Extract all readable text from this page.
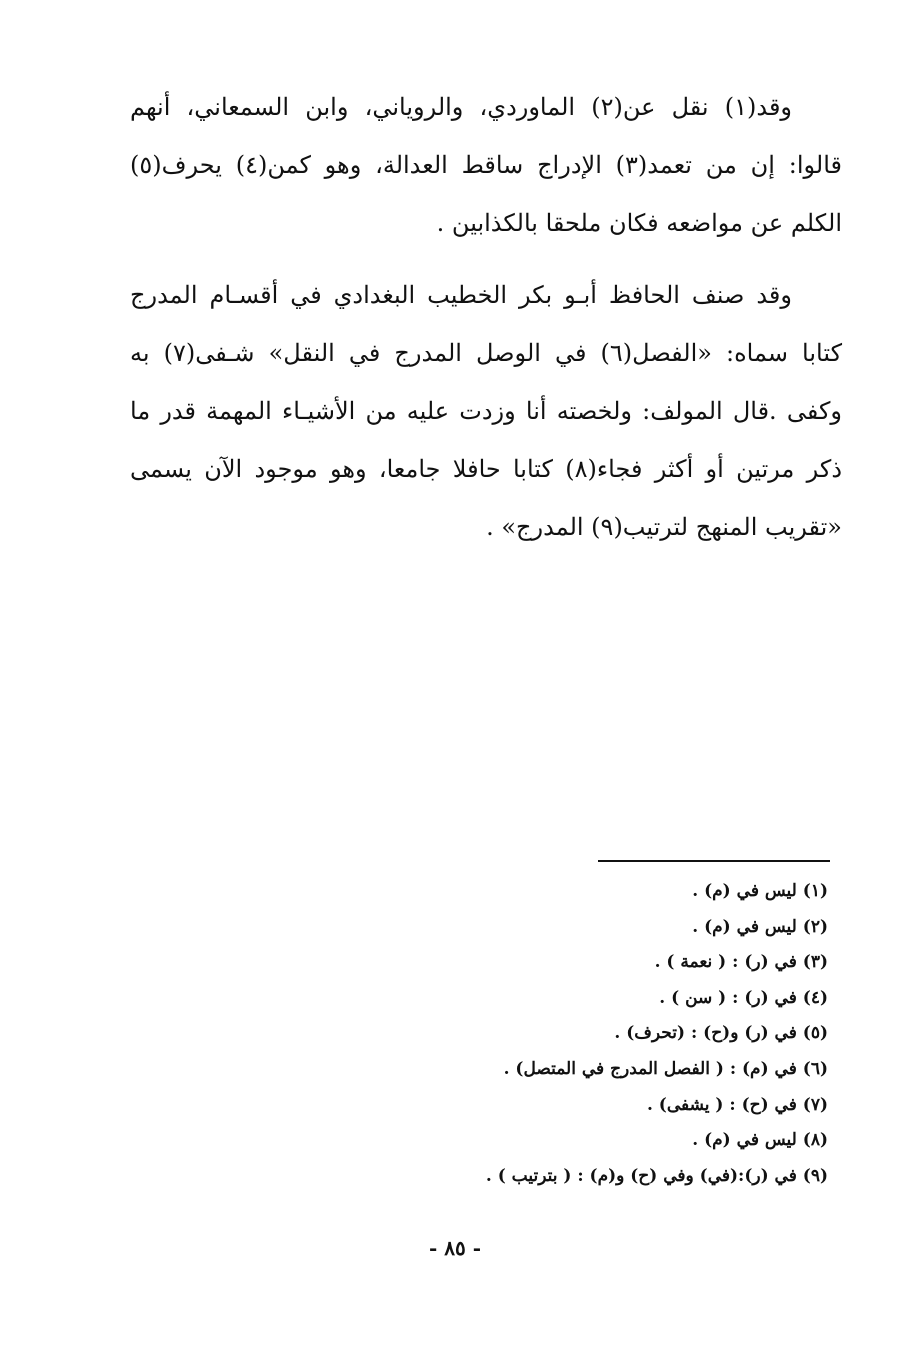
وقد(١) نقل عن(٢) الماوردي، والروياني، وابن السمعاني، أنهم قالوا: إن من تعمد(٣) الإدراج ساقط العدالة، وهو كمن(٤) يحرف(٥) الكلم عن مواضعه فكان ملحقا بالكذابين .

وقد صنف الحافظ أبـو بكر الخطيب البغدادي في أقسـام المدرج كتابا سماه: «الفصل(٦) في الوصل المدرج في النقل» شـفى(٧) به وكفى .قال المولف: ولخصته أنا وزدت عليه من الأشيـاء المهمة قدر ما ذكر مرتين أو أكثر فجاء(٨) كتابا حافلا جامعا، وهو موجود الآن يسمى «تقريب المنهج لترتيب(٩) المدرج» .

(١) ليس في (م) .
(٢) ليس في (م) .
(٣) في (ر) : ( نعمة ) .
(٤) في (ر) : ( سن ) .
(٥) في (ر) و(ح) : (تحرف) .
(٦) في (م) : ( الفصل المدرج في المتصل) .
(٧) في (ح) : ( يشفى) .
(٨) ليس في (م) .
(٩) في (ر):(في) وفي (ح) و(م) : ( بترتيب ) .
- ٨٥ -
